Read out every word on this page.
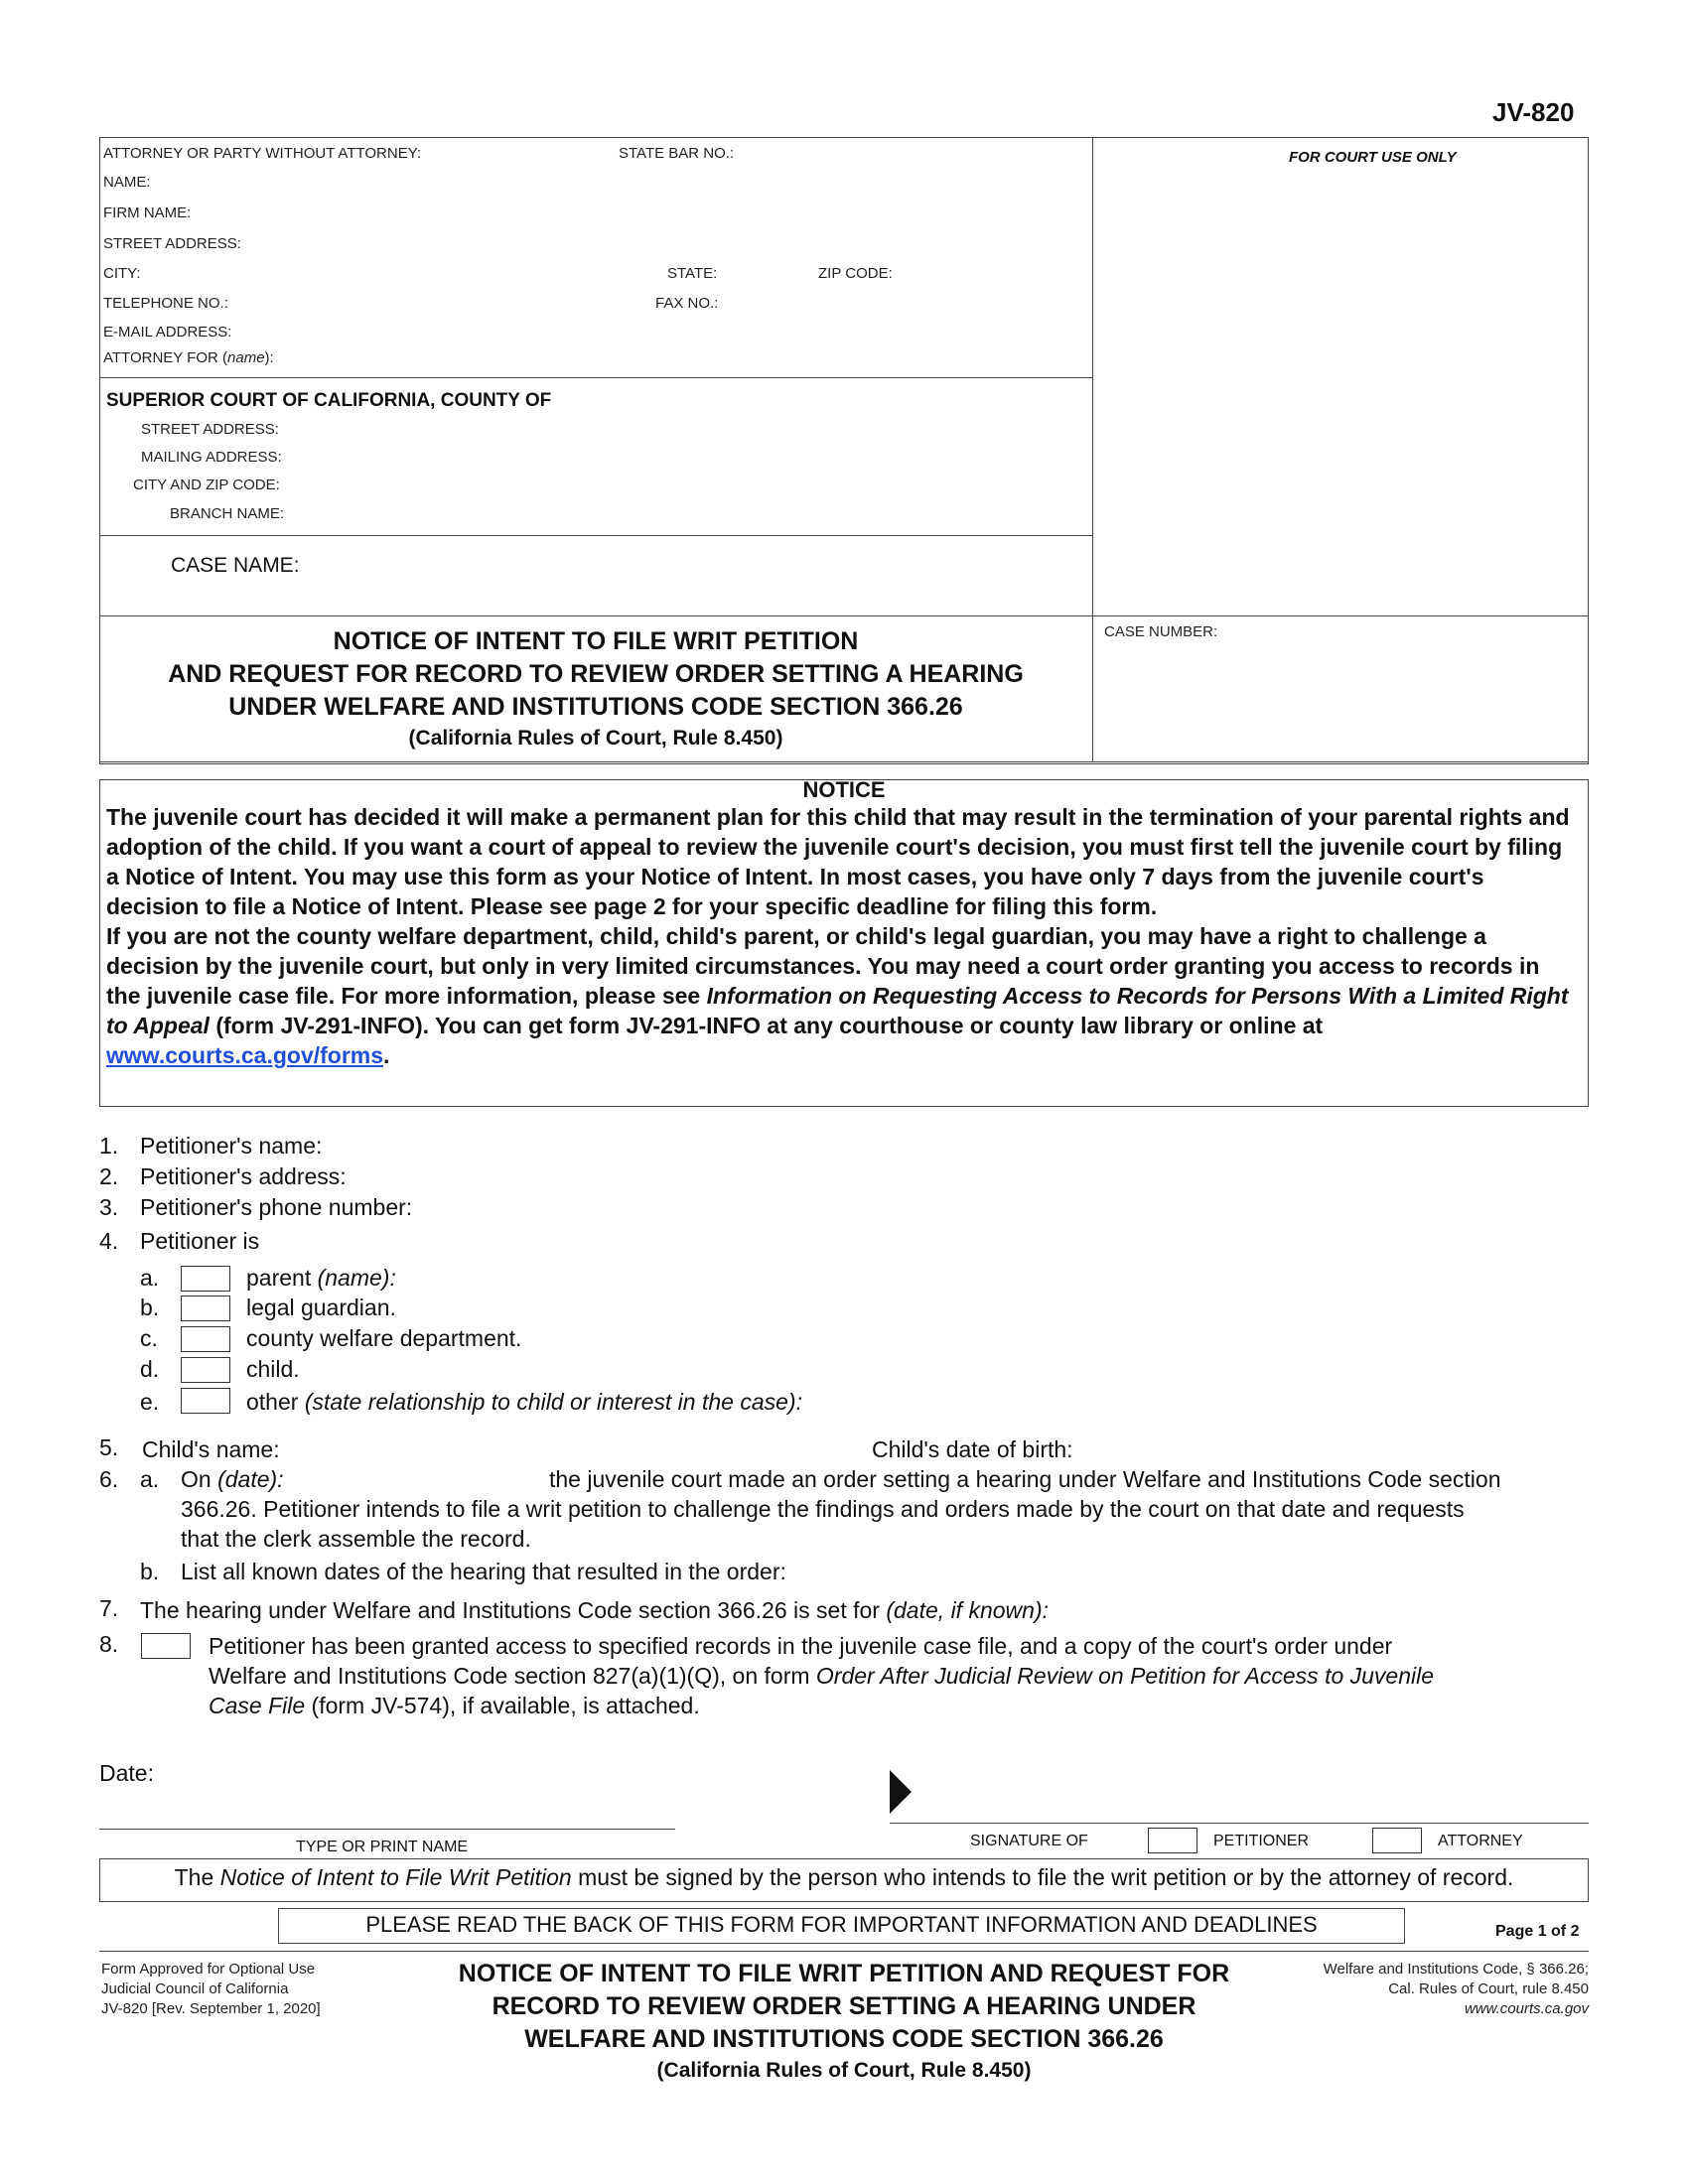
JV-820
ATTORNEY OR PARTY WITHOUT ATTORNEY:	STATE BAR NO.:
NAME:
FIRM NAME:
STREET ADDRESS:
CITY:	STATE:	ZIP CODE:
TELEPHONE NO.:	FAX NO.:
E-MAIL ADDRESS:
ATTORNEY FOR (name):
FOR COURT USE ONLY
SUPERIOR COURT OF CALIFORNIA, COUNTY OF
STREET ADDRESS:
MAILING ADDRESS:
CITY AND ZIP CODE:
BRANCH NAME:
CASE NAME:
CASE NUMBER:
NOTICE OF INTENT TO FILE WRIT PETITION
AND REQUEST FOR RECORD TO REVIEW ORDER SETTING A HEARING
UNDER WELFARE AND INSTITUTIONS CODE SECTION 366.26
(California Rules of Court, Rule 8.450)
NOTICE
The juvenile court has decided it will make a permanent plan for this child that may result in the termination of your parental rights and adoption of the child. If you want a court of appeal to review the juvenile court's decision, you must first tell the juvenile court by filing a Notice of Intent. You may use this form as your Notice of Intent. In most cases, you have only 7 days from the juvenile court's decision to file a Notice of Intent. Please see page 2 for your specific deadline for filing this form.
If you are not the county welfare department, child, child's parent, or child's legal guardian, you may have a right to challenge a decision by the juvenile court, but only in very limited circumstances. You may need a court order granting you access to records in the juvenile case file. For more information, please see Information on Requesting Access to Records for Persons With a Limited Right to Appeal (form JV-291-INFO). You can get form JV-291-INFO at any courthouse or county law library or online at www.courts.ca.gov/forms.
1. Petitioner's name:
2. Petitioner's address:
3. Petitioner's phone number:
4. Petitioner is
a.	parent (name):
b.	legal guardian.
c.	county welfare department.
d.	child.
e.	other (state relationship to child or interest in the case):
5. Child's name:	Child's date of birth:
6. a. On (date):	the juvenile court made an order setting a hearing under Welfare and Institutions Code section
366.26. Petitioner intends to file a writ petition to challenge the findings and orders made by the court on that date and requests
that the clerk assemble the record.
b. List all known dates of the hearing that resulted in the order:
7. The hearing under Welfare and Institutions Code section 366.26 is set for (date, if known):
8.	Petitioner has been granted access to specified records in the juvenile case file, and a copy of the court's order under
Welfare and Institutions Code section 827(a)(1)(Q), on form Order After Judicial Review on Petition for Access to Juvenile
Case File (form JV-574), if available, is attached.
Date:
TYPE OR PRINT NAME	SIGNATURE OF	PETITIONER	ATTORNEY
The Notice of Intent to File Writ Petition must be signed by the person who intends to file the writ petition or by the attorney of record.
PLEASE READ THE BACK OF THIS FORM FOR IMPORTANT INFORMATION AND DEADLINES	Page 1 of 2
Form Approved for Optional Use
Judicial Council of California
JV-820 [Rev. September 1, 2020]
NOTICE OF INTENT TO FILE WRIT PETITION AND REQUEST FOR
RECORD TO REVIEW ORDER SETTING A HEARING UNDER
WELFARE AND INSTITUTIONS CODE SECTION 366.26
(California Rules of Court, Rule 8.450)
Welfare and Institutions Code, § 366.26;
Cal. Rules of Court, rule 8.450
www.courts.ca.gov
